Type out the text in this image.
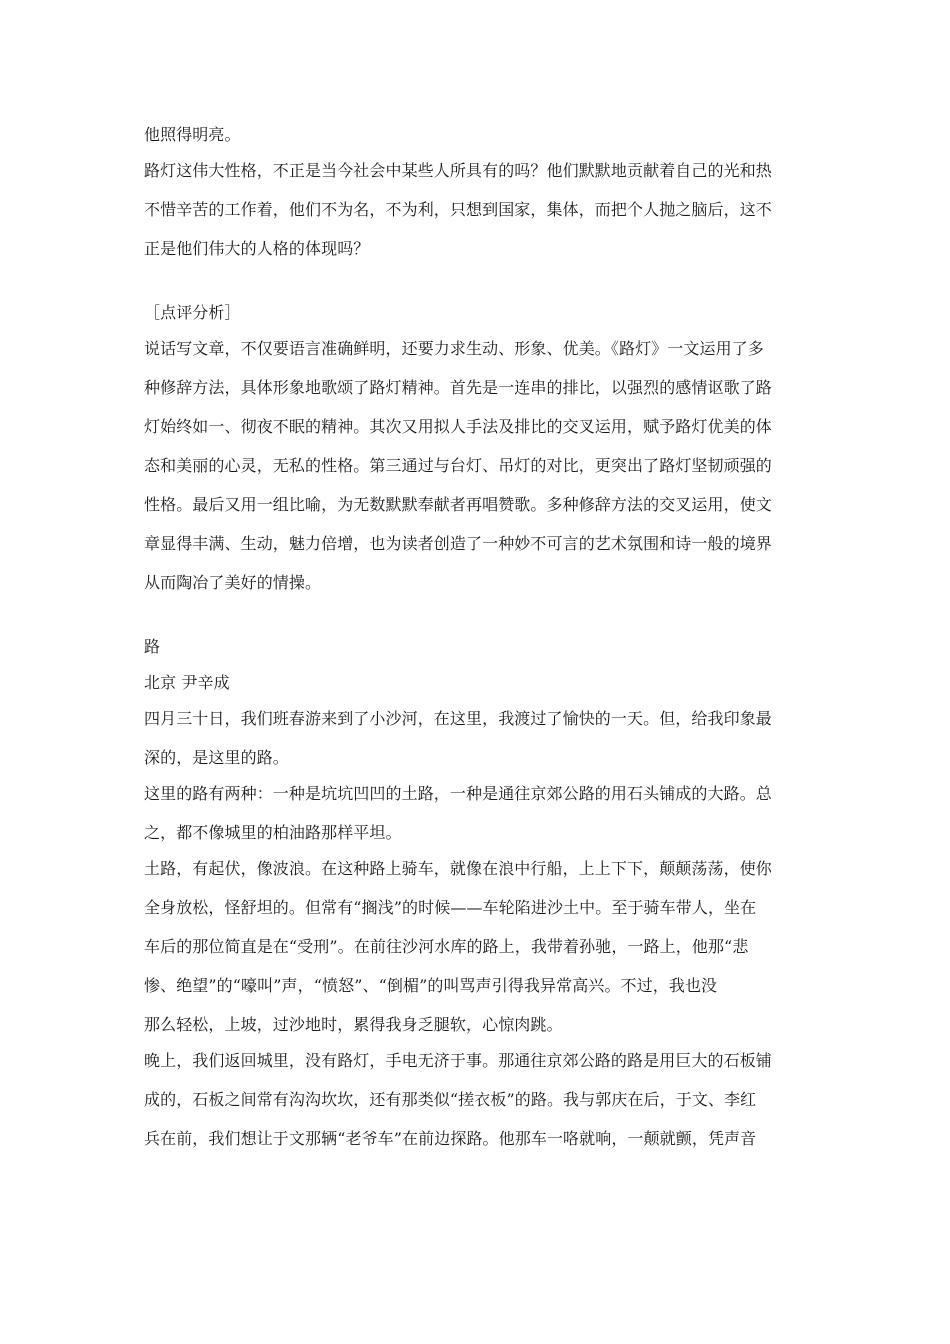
他照得明亮。
路灯这伟大性格，不正是当今社会中某些人所具有的吗？他们默默地贡献着自己的光和热
不惜辛苦的工作着，他们不为名，不为利，只想到国家，集体，而把个人抛之脑后，这不
正是他们伟大的人格的体现吗？
［点评分析］
说话写文章，不仅要语言准确鲜明，还要力求生动、形象、优美。《路灯》一文运用了多
种修辞方法，具体形象地歌颂了路灯精神。首先是一连串的排比，以强烈的感情讴歌了路
灯始终如一、彻夜不眠的精神。其次又用拟人手法及排比的交叉运用，赋予路灯优美的体
态和美丽的心灵，无私的性格。第三通过与台灯、吊灯的对比，更突出了路灯坚韧顽强的
性格。最后又用一组比喻，为无数默默奉献者再唱赞歌。多种修辞方法的交叉运用，使文
章显得丰满、生动，魅力倍增，也为读者创造了一种妙不可言的艺术氛围和诗一般的境界
从而陶冶了美好的情操。
路
北京 尹辛成
四月三十日，我们班春游来到了小沙河，在这里，我渡过了愉快的一天。但，给我印象最
深的，是这里的路。
这里的路有两种：一种是坑坑凹凹的土路，一种是通往京郊公路的用石头铺成的大路。总
之，都不像城里的柏油路那样平坦。
土路，有起伏，像波浪。在这种路上骑车，就像在浪中行船，上上下下，颠颠荡荡，使你
全身放松，怪舒坦的。但常有“搁浅”的时候——车轮陷进沙土中。至于骑车带人，坐在
车后的那位简直是在“受刑”。在前往沙河水库的路上，我带着孙驰，一路上，他那“悲
惨、绝望”的“嚎叫”声，“愤怒”、“倒楣”的叫骂声引得我异常高兴。不过，我也没
那么轻松，上坡，过沙地时，累得我身乏腿软，心惊肉跳。
晚上，我们返回城里，没有路灯，手电无济于事。那通往京郊公路的路是用巨大的石板铺
成的，石板之间常有沟沟坎坎，还有那类似“搓衣板”的路。我与郭庆在后，于文、李红
兵在前，我们想让于文那辆“老爷车”在前边探路。他那车一咯就响，一颠就颤，凭声音
